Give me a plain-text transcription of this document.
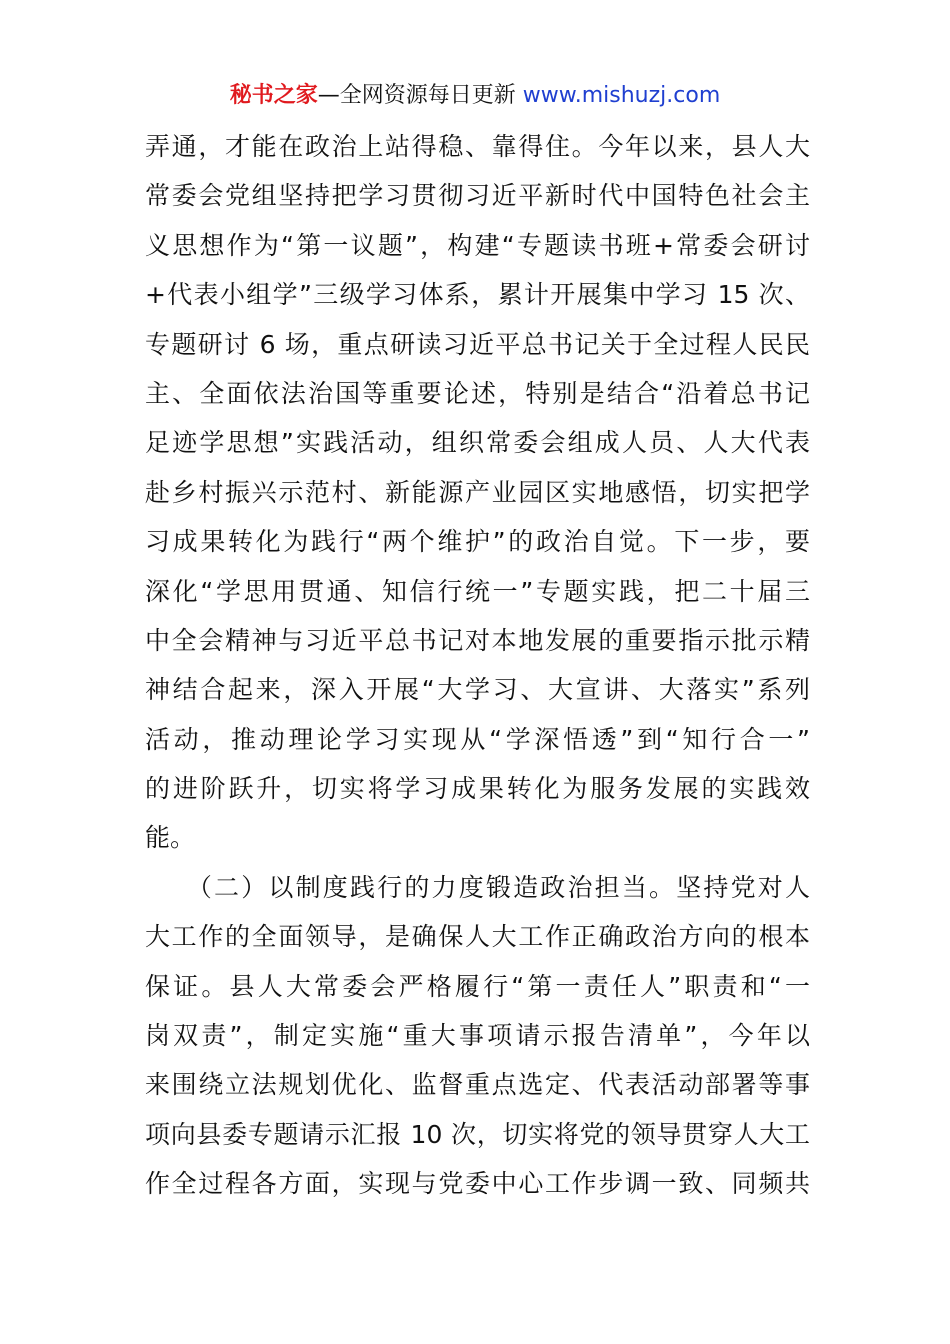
秘书之家—全网资源每日更新 www.mishuzj.com
弄通，才能在政治上站得稳、靠得住。今年以来，县人大
常委会党组坚持把学习贯彻习近平新时代中国特色社会主
义思想作为“第一议题”，构建“专题读书班+常委会研讨
+代表小组学”三级学习体系，累计开展集中学习 15 次、
专题研讨 6 场，重点研读习近平总书记关于全过程人民民
主、全面依法治国等重要论述，特别是结合“沿着总书记
足迹学思想”实践活动，组织常委会组成人员、人大代表
赴乡村振兴示范村、新能源产业园区实地感悟，切实把学
习成果转化为践行“两个维护”的政治自觉。下一步，要
深化“学思用贯通、知信行统一”专题实践，把二十届三
中全会精神与习近平总书记对本地发展的重要指示批示精
神结合起来，深入开展“大学习、大宣讲、大落实”系列
活动，推动理论学习实现从“学深悟透”到“知行合一”
的进阶跃升，切实将学习成果转化为服务发展的实践效
能。
　　（二）以制度践行的力度锻造政治担当。坚持党对人
大工作的全面领导，是确保人大工作正确政治方向的根本
保证。县人大常委会严格履行“第一责任人”职责和“一
岗双责”，制定实施“重大事项请示报告清单”，今年以
来围绕立法规划优化、监督重点选定、代表活动部署等事
项向县委专题请示汇报 10 次，切实将党的领导贯穿人大工
作全过程各方面，实现与党委中心工作步调一致、同频共
